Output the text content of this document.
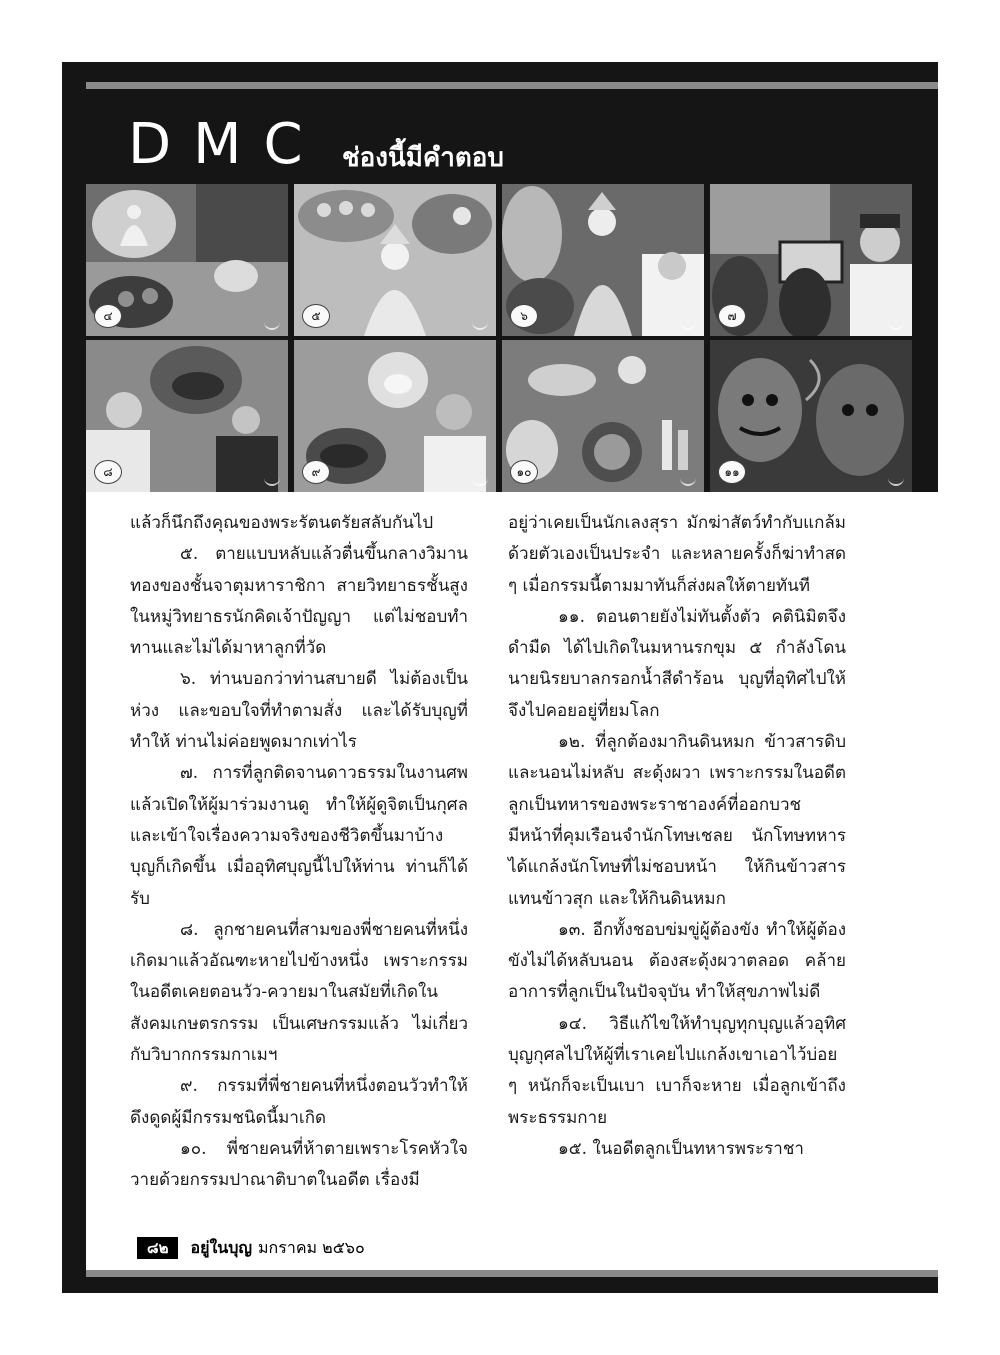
DMC ช่องนี้มีคำตอบ
๔	๕	๖	๗
๘	๙	๑๐	๑๑

แล้วก็นึกถึงคุณของพระรัตนตรัยสลับกันไป

๕. ตายแบบหลับแล้วตื่นขึ้นกลางวิมานทองของชั้นจาตุมหาราชิกา สายวิทยาธรชั้นสูงในหมู่วิทยาธรนักคิดเจ้าปัญญา แต่ไม่ชอบทำทานและไม่ได้มาหาลูกที่วัด

๖. ท่านบอกว่าท่านสบายดี ไม่ต้องเป็นห่วง และขอบใจที่ทำตามสั่ง และได้รับบุญที่ทำให้ ท่านไม่ค่อยพูดมากเท่าไร

๗. การที่ลูกติดจานดาวธรรมในงานศพแล้วเปิดให้ผู้มาร่วมงานดู ทำให้ผู้ดูจิตเป็นกุศลและเข้าใจเรื่องความจริงของชีวิตขึ้นมาบ้าง บุญก็เกิดขึ้น เมื่ออุทิศบุญนี้ไปให้ท่าน ท่านก็ได้รับ

๘. ลูกชายคนที่สามของพี่ชายคนที่หนึ่งเกิดมาแล้วอัณฑะหายไปข้างหนึ่ง เพราะกรรมในอดีตเคยตอนวัว-ควายมาในสมัยที่เกิดในสังคมเกษตรกรรม เป็นเศษกรรมแล้ว ไม่เกี่ยวกับวิบากกรรมกาเมฯ

๙. กรรมที่พี่ชายคนที่หนึ่งตอนวัวทำให้ดึงดูดผู้มีกรรมชนิดนี้มาเกิด

๑๐. พี่ชายคนที่ห้าตายเพราะโรคหัวใจวายด้วยกรรมปาณาติบาตในอดีต เรื่องมี

อยู่ว่าเคยเป็นนักเลงสุรา มักฆ่าสัตว์ทำกับแกล้มด้วยตัวเองเป็นประจำ และหลายครั้งก็ฆ่าทำสด ๆ เมื่อกรรมนี้ตามมาทันก็ส่งผลให้ตายทันที

๑๑. ตอนตายยังไม่ทันตั้งตัว คตินิมิตจึงดำมืด ได้ไปเกิดในมหานรกขุม ๕ กำลังโดนนายนิรยบาลกรอกน้ำสีดำร้อน บุญที่อุทิศไปให้จึงไปคอยอยู่ที่ยมโลก

๑๒. ที่ลูกต้องมากินดินหมก ข้าวสารดิบ และนอนไม่หลับ สะดุ้งผวา เพราะกรรมในอดีตลูกเป็นทหารของพระราชาองค์ที่ออกบวช มีหน้าที่คุมเรือนจำนักโทษเชลย นักโทษทหารได้แกล้งนักโทษที่ไม่ชอบหน้า ให้กินข้าวสารแทนข้าวสุก และให้กินดินหมก

๑๓. อีกทั้งชอบข่มขู่ผู้ต้องขัง ทำให้ผู้ต้องขังไม่ได้หลับนอน ต้องสะดุ้งผวาตลอด คล้ายอาการที่ลูกเป็นในปัจจุบัน ทำให้สุขภาพไม่ดี

๑๔. วิธีแก้ไขให้ทำบุญทุกบุญแล้วอุทิศบุญกุศลไปให้ผู้ที่เราเคยไปแกล้งเขาเอาไว้บ่อย ๆ หนักก็จะเป็นเบา เบาก็จะหาย เมื่อลูกเข้าถึงพระธรรมกาย

๑๕. ในอดีตลูกเป็นทหารพระราชา

๘๒	อยู่ในบุญ มกราคม ๒๕๖๐
